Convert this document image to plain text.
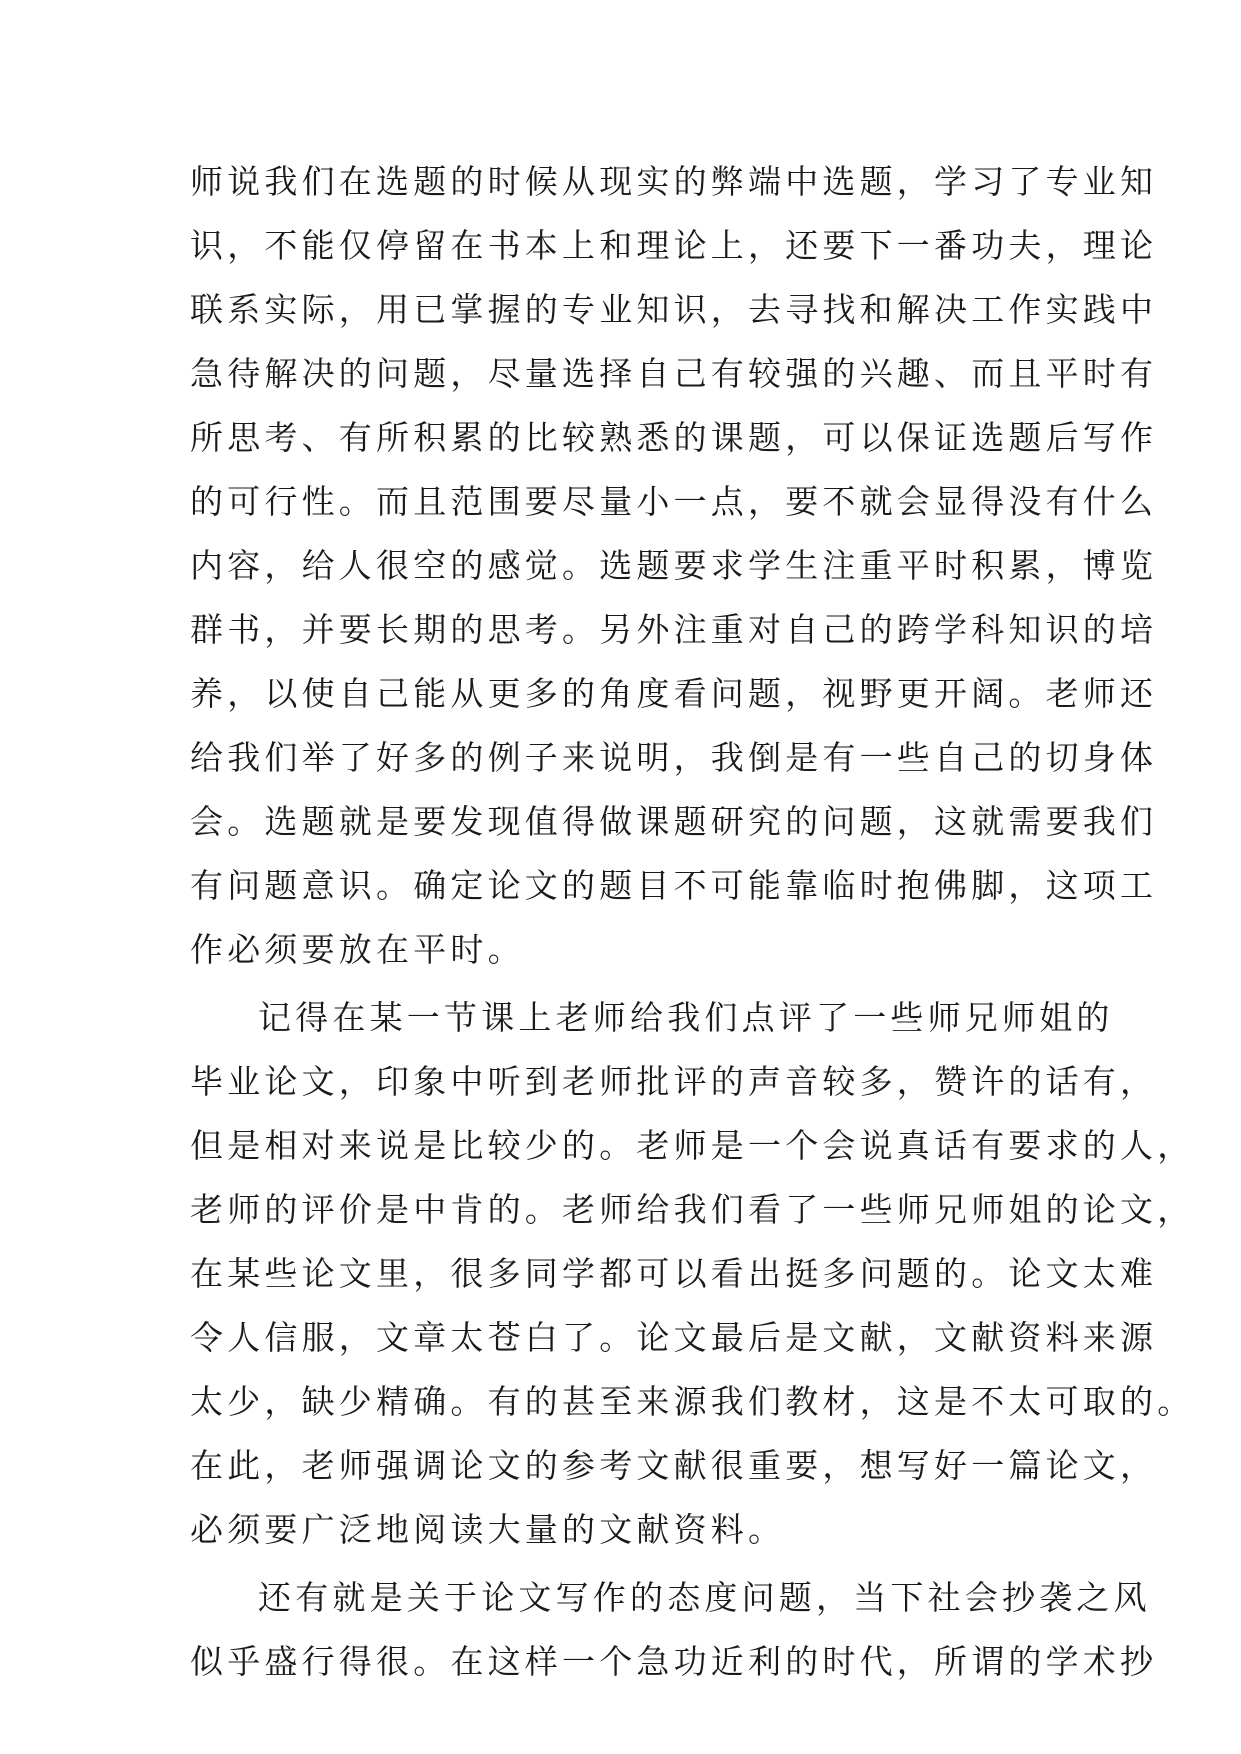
师说我们在选题的时候从现实的弊端中选题，学习了专业知
识，不能仅停留在书本上和理论上，还要下一番功夫，理论
联系实际，用已掌握的专业知识，去寻找和解决工作实践中
急待解决的问题，尽量选择自己有较强的兴趣、而且平时有
所思考、有所积累的比较熟悉的课题，可以保证选题后写作
的可行性。而且范围要尽量小一点，要不就会显得没有什么
内容，给人很空的感觉。选题要求学生注重平时积累，博览
群书，并要长期的思考。另外注重对自己的跨学科知识的培
养，以使自己能从更多的角度看问题，视野更开阔。老师还
给我们举了好多的例子来说明，我倒是有一些自己的切身体
会。选题就是要发现值得做课题研究的问题，这就需要我们
有问题意识。确定论文的题目不可能靠临时抱佛脚，这项工
作必须要放在平时。
记得在某一节课上老师给我们点评了一些师兄师姐的
毕业论文，印象中听到老师批评的声音较多，赞许的话有，
但是相对来说是比较少的。老师是一个会说真话有要求的人，
老师的评价是中肯的。老师给我们看了一些师兄师姐的论文，
在某些论文里，很多同学都可以看出挺多问题的。论文太难
令人信服，文章太苍白了。论文最后是文献，文献资料来源
太少，缺少精确。有的甚至来源我们教材，这是不太可取的。
在此，老师强调论文的参考文献很重要，想写好一篇论文，
必须要广泛地阅读大量的文献资料。
还有就是关于论文写作的态度问题，当下社会抄袭之风
似乎盛行得很。在这样一个急功近利的时代，所谓的学术抄
